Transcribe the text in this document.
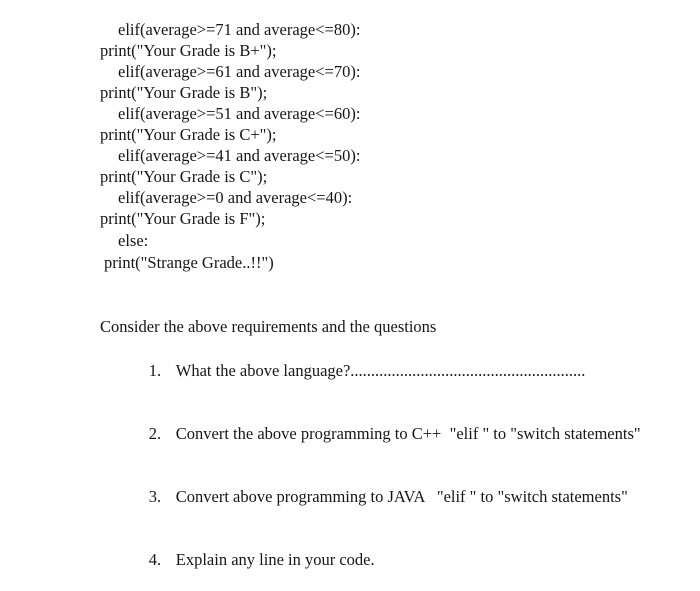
elif(average>=71 and average<=80):
print("Your Grade is B+");
elif(average>=61 and average<=70):
print("Your Grade is B");
elif(average>=51 and average<=60):
print("Your Grade is C+");
elif(average>=41 and average<=50):
print("Your Grade is C");
elif(average>=0 and average<=40):
print("Your Grade is F");
else:
print("Strange Grade..!!")
Consider the above requirements and the questions

1. What the above language?.........................................................

2. Convert the above programming to C++  "elif " to "switch statements"

3. Convert above programming to JAVA   "elif " to "switch statements"

4. Explain any line in your code.
